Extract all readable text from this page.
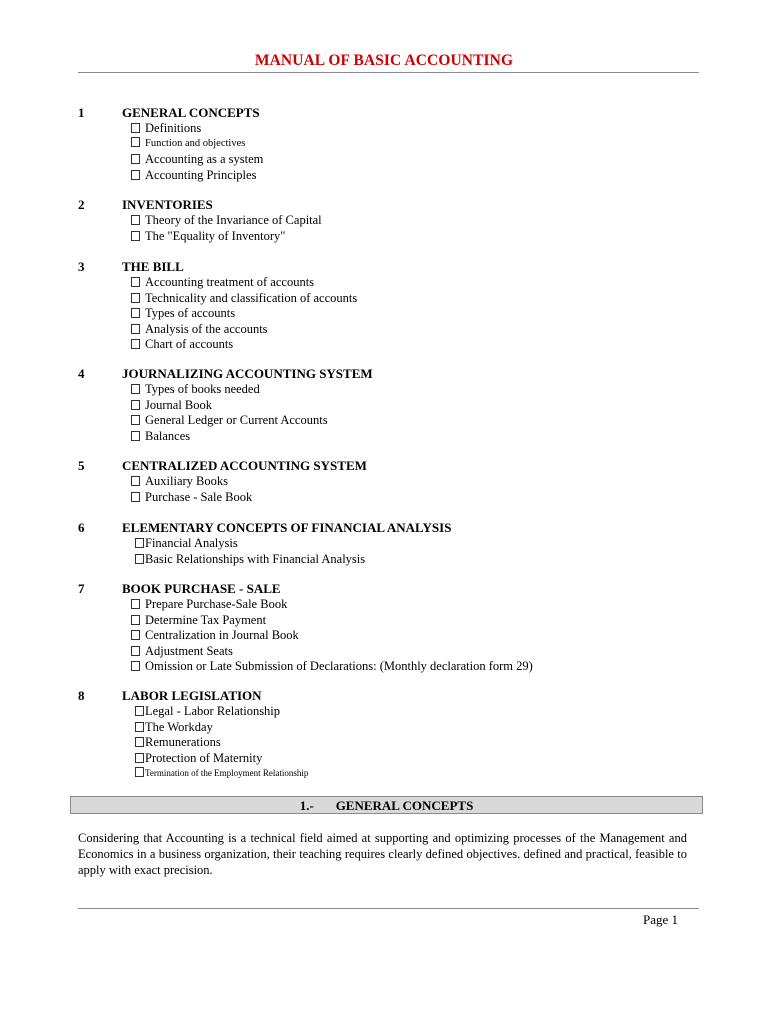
MANUAL OF BASIC ACCOUNTING
1	GENERAL CONCEPTS
Definitions
Function and objectives
Accounting as a system
Accounting Principles
2	INVENTORIES
Theory of the Invariance of Capital
The "Equality of Inventory"
3	THE BILL
Accounting treatment of accounts
Technicality and classification of accounts
Types of accounts
Analysis of the accounts
Chart of accounts
4	JOURNALIZING ACCOUNTING SYSTEM
Types of books needed
Journal Book
General Ledger or Current Accounts
Balances
5	CENTRALIZED ACCOUNTING SYSTEM
Auxiliary Books
Purchase - Sale Book
6	ELEMENTARY CONCEPTS OF FINANCIAL ANALYSIS
Financial Analysis
Basic Relationships with Financial Analysis
7	BOOK PURCHASE - SALE
Prepare Purchase-Sale Book
Determine Tax Payment
Centralization in Journal Book
Adjustment Seats
Omission or Late Submission of Declarations: (Monthly declaration form 29)
8	LABOR LEGISLATION
Legal - Labor Relationship
The Workday
Remunerations
Protection of Maternity
Termination of the Employment Relationship
1.- GENERAL CONCEPTS
Considering that Accounting is a technical field aimed at supporting and optimizing processes of the Management and Economics in a business organization, their teaching requires clearly defined objectives. defined and practical, feasible to apply with exact precision.
Page 1
